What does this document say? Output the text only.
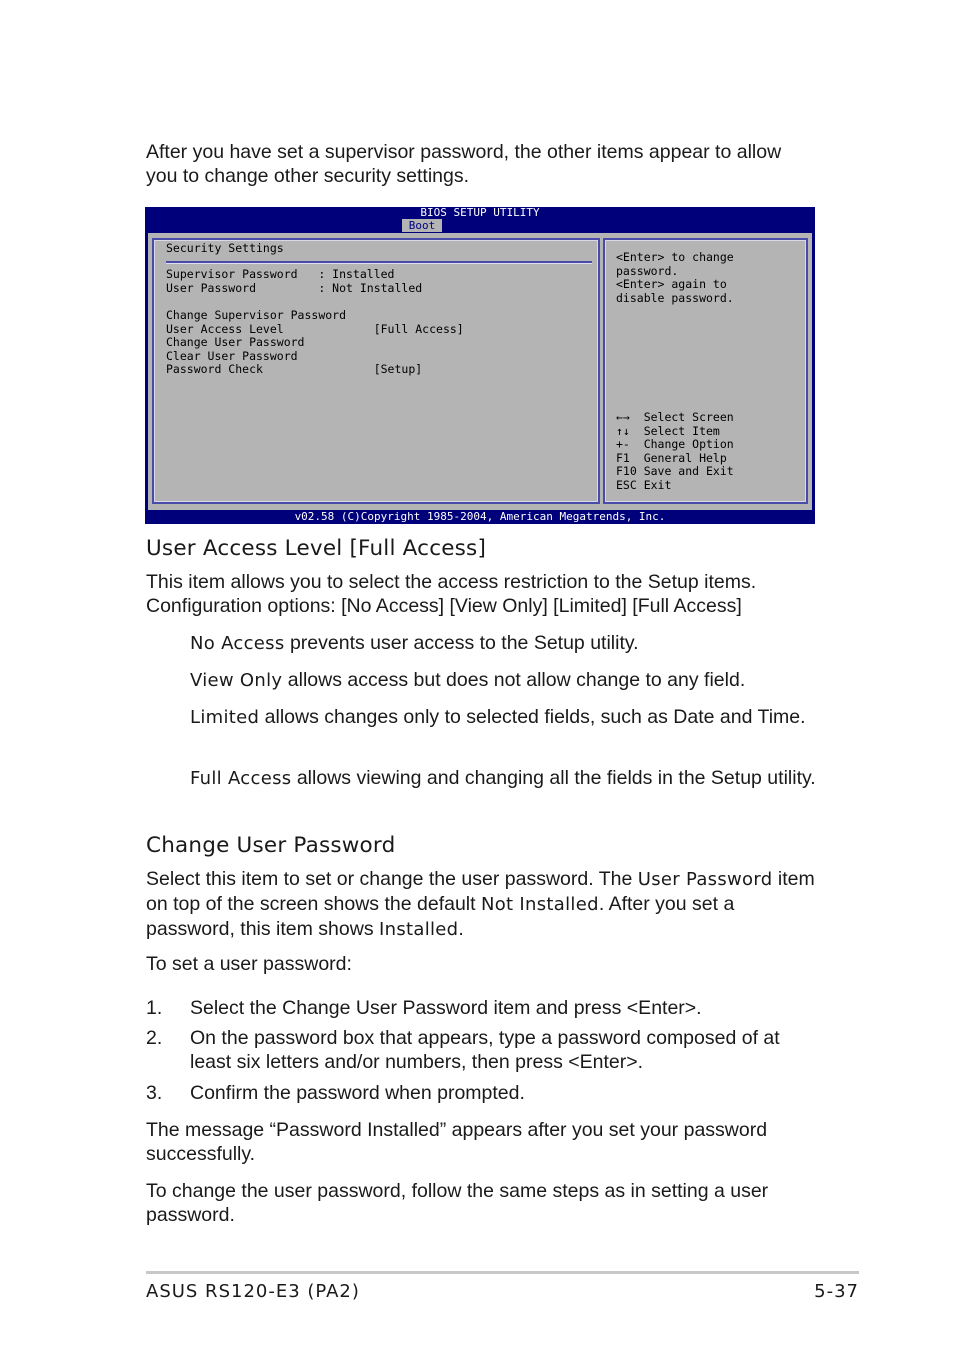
After you have set a supervisor password, the other items appear to allow you to change other security settings.

BIOS SETUP UTILITY
Boot
Security Settings
Supervisor Password   : Installed
User Password         : Not Installed
Change Supervisor Password
User Access Level             [Full Access]
Change User Password
Clear User Password
Password Check                [Setup]
<Enter> to change
password.
<Enter> again to
disable password.
←→  Select Screen
↑↓  Select Item
+-  Change Option
F1  General Help
F10 Save and Exit
ESC Exit
v02.58 (C)Copyright 1985-2004, American Megatrends, Inc.
User Access Level [Full Access]

This item allows you to select the access restriction to the Setup items. Configuration options: [No Access] [View Only] [Limited] [Full Access]

No Access prevents user access to the Setup utility.

View Only allows access but does not allow change to any field.

Limited allows changes only to selected fields, such as Date and Time.

Full Access allows viewing and changing all the fields in the Setup utility.

Change User Password

Select this item to set or change the user password. The User Password item on top of the screen shows the default Not Installed. After you set a password, this item shows Installed.

To set a user password:

1.	Select the Change User Password item and press <Enter>.

2.	On the password box that appears, type a password composed of at least six letters and/or numbers, then press <Enter>.

3.	Confirm the password when prompted.

The message “Password Installed” appears after you set your password successfully.

To change the user password, follow the same steps as in setting a user password.

ASUS RS120-E3 (PA2)	5-37
